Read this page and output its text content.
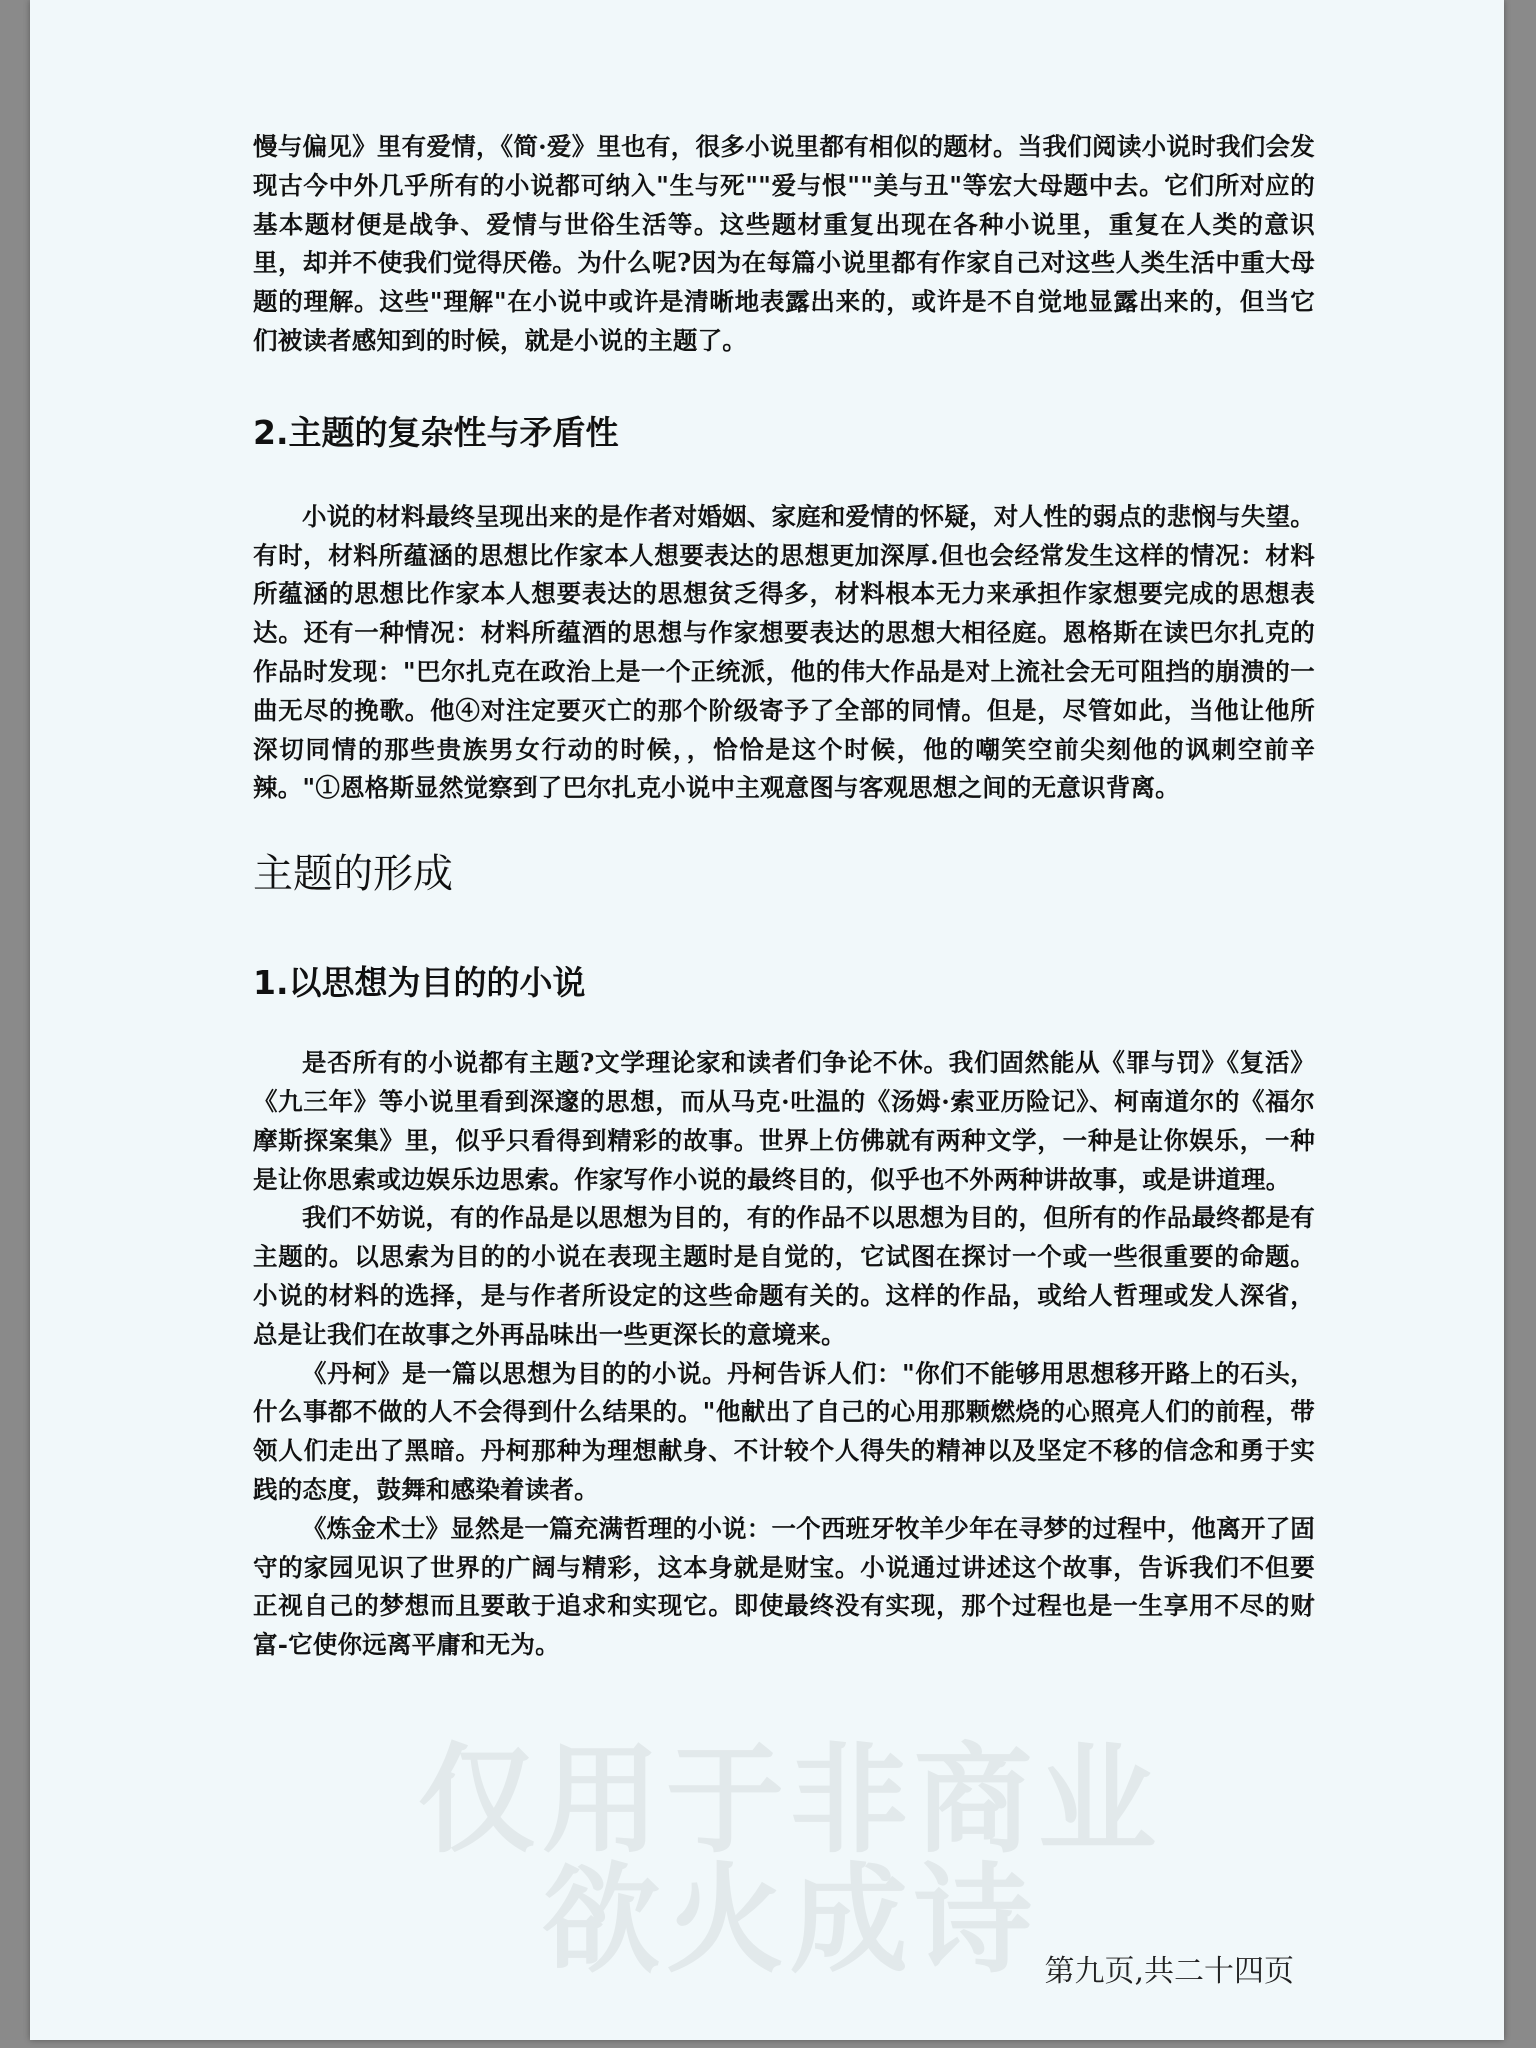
慢与偏见》里有爱情，《简·爱》里也有，很多小说里都有相似的题材。当我们阅读小说时我们会发现古今中外几乎所有的小说都可纳入"生与死""爱与恨""美与丑"等宏大母题中去。它们所对应的基本题材便是战争、爱情与世俗生活等。这些题材重复出现在各种小说里，重复在人类的意识里，却并不使我们觉得厌倦。为什么呢?因为在每篇小说里都有作家自己对这些人类生活中重大母题的理解。这些"理解"在小说中或许是清晰地表露出来的，或许是不自觉地显露出来的，但当它们被读者感知到的时候，就是小说的主题了。

2.主题的复杂性与矛盾性

小说的材料最终呈现出来的是作者对婚姻、家庭和爱情的怀疑，对人性的弱点的悲悯与失望。有时，材料所蕴涵的思想比作家本人想要表达的思想更加深厚.但也会经常发生这样的情况：材料所蕴涵的思想比作家本人想要表达的思想贫乏得多，材料根本无力来承担作家想要完成的思想表达。还有一种情况：材料所蕴酒的思想与作家想要表达的思想大相径庭。恩格斯在读巴尔扎克的作品时发现："巴尔扎克在政治上是一个正统派，他的伟大作品是对上流社会无可阻挡的崩溃的一曲无尽的挽歌。他④对注定要灭亡的那个阶级寄予了全部的同情。但是，尽管如此，当他让他所深切同情的那些贵族男女行动的时候，，恰恰是这个时候，他的嘲笑空前尖刻他的讽刺空前辛辣。"①恩格斯显然觉察到了巴尔扎克小说中主观意图与客观思想之间的无意识背离。

主题的形成
1.以思想为目的的小说

是否所有的小说都有主题?文学理论家和读者们争论不休。我们固然能从《罪与罚》《复活》《九三年》等小说里看到深邃的思想，而从马克·吐温的《汤姆·索亚历险记》、柯南道尔的《福尔摩斯探案集》里，似乎只看得到精彩的故事。世界上仿佛就有两种文学，一种是让你娱乐，一种是让你思索或边娱乐边思索。作家写作小说的最终目的，似乎也不外两种讲故事，或是讲道理。

我们不妨说，有的作品是以思想为目的，有的作品不以思想为目的，但所有的作品最终都是有主题的。以思索为目的的小说在表现主题时是自觉的，它试图在探讨一个或一些很重要的命题。小说的材料的选择，是与作者所设定的这些命题有关的。这样的作品，或给人哲理或发人深省，总是让我们在故事之外再品味出一些更深长的意境来。

《丹柯》是一篇以思想为目的的小说。丹柯告诉人们："你们不能够用思想移开路上的石头，什么事都不做的人不会得到什么结果的。"他献出了自己的心用那颗燃烧的心照亮人们的前程，带领人们走出了黑暗。丹柯那种为理想献身、不计较个人得失的精神以及坚定不移的信念和勇于实践的态度，鼓舞和感染着读者。

《炼金术士》显然是一篇充满哲理的小说：一个西班牙牧羊少年在寻梦的过程中，他离开了固守的家园见识了世界的广阔与精彩，这本身就是财宝。小说通过讲述这个故事，告诉我们不但要正视自己的梦想而且要敢于追求和实现它。即使最终没有实现，那个过程也是一生享用不尽的财富-它使你远离平庸和无为。

仅用于非商业
欲火成诗 第九页,共二十四页
